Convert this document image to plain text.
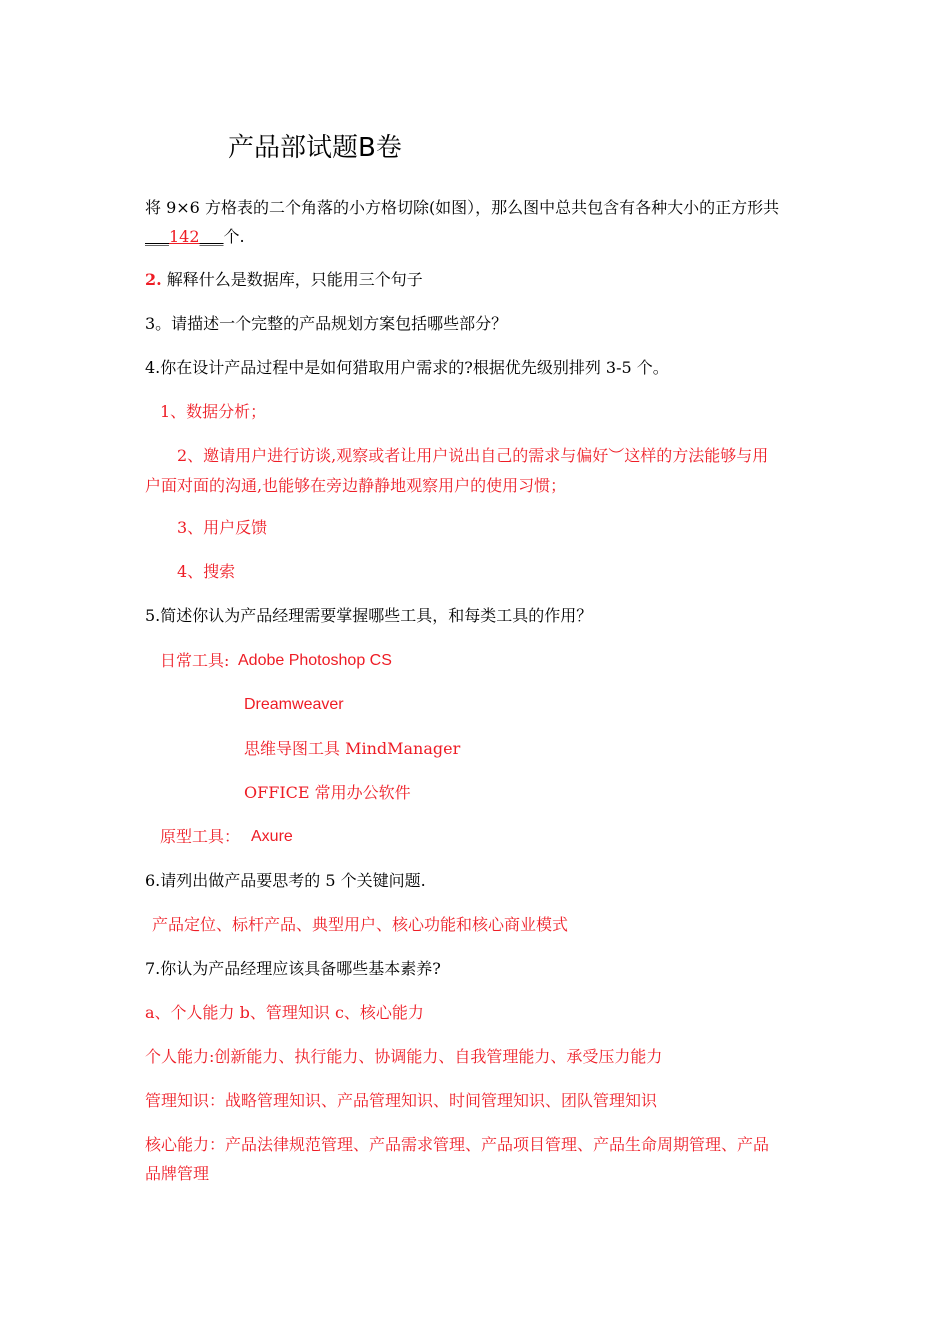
产品部试题B卷
将 9×6 方格表的二个角落的小方格切除(如图），那么图中总共包含有各种大小的正方形共
___142___个.
2. 解释什么是数据库，只能用三个句子
3。请描述一个完整的产品规划方案包括哪些部分？
4.你在设计产品过程中是如何猎取用户需求的?根据优先级别排列 3-5 个。
1、数据分析；
2、邀请用户进行访谈,观察或者让用户说出自己的需求与偏好︶这样的方法能够与用
户面对面的沟通,也能够在旁边静静地观察用户的使用习惯；
3、用户反馈
4、搜索
5.简述你认为产品经理需要掌握哪些工具，和每类工具的作用？
日常工具: Adobe Photoshop CS
Dreamweaver
思维导图工具 MindManager
OFFICE 常用办公软件
原型工具： Axure
6.请列出做产品要思考的 5 个关键问题.
产品定位、标杆产品、典型用户、核心功能和核心商业模式
7.你认为产品经理应该具备哪些基本素养?
a、个人能力 b、管理知识 c、核心能力
个人能力:创新能力、执行能力、协调能力、自我管理能力、承受压力能力
管理知识：战略管理知识、产品管理知识、时间管理知识、团队管理知识
核心能力：产品法律规范管理、产品需求管理、产品项目管理、产品生命周期管理、产品
品牌管理
